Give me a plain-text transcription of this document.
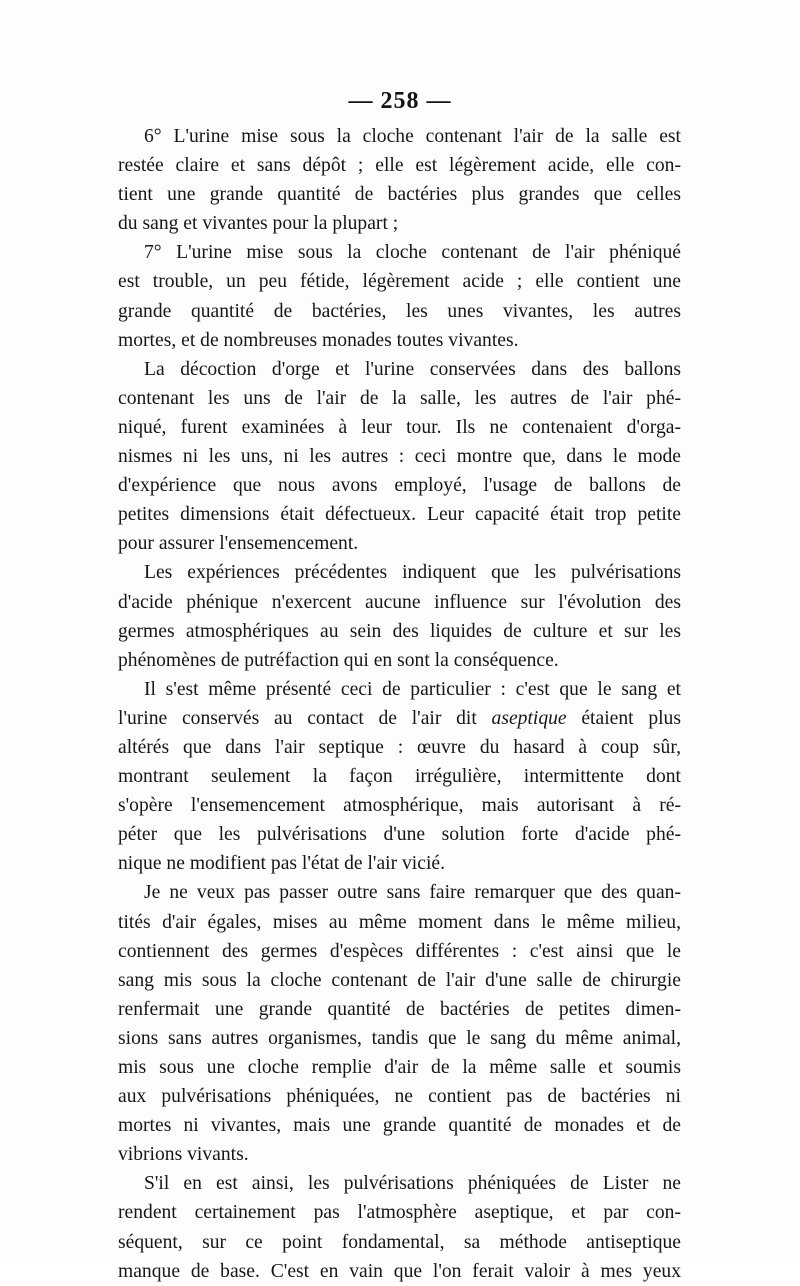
— 258 —
6° L'urine mise sous la cloche contenant l'air de la salle est
restée claire et sans dépôt ; elle est légèrement acide, elle con-
tient une grande quantité de bactéries plus grandes que celles
du sang et vivantes pour la plupart ;
7° L'urine mise sous la cloche contenant de l'air phéniqué
est trouble, un peu fétide, légèrement acide ; elle contient une
grande quantité de bactéries, les unes vivantes, les autres
mortes, et de nombreuses monades toutes vivantes.
La décoction d'orge et l'urine conservées dans des ballons
contenant les uns de l'air de la salle, les autres de l'air phé-
niqué, furent examinées à leur tour. Ils ne contenaient d'orga-
nismes ni les uns, ni les autres : ceci montre que, dans le mode
d'expérience que nous avons employé, l'usage de ballons de
petites dimensions était défectueux. Leur capacité était trop petite
pour assurer l'ensemencement.
Les expériences précédentes indiquent que les pulvérisations
d'acide phénique n'exercent aucune influence sur l'évolution des
germes atmosphériques au sein des liquides de culture et sur les
phénomènes de putréfaction qui en sont la conséquence.
Il s'est même présenté ceci de particulier : c'est que le sang et
l'urine conservés au contact de l'air dit aseptique étaient plus
altérés que dans l'air septique : œuvre du hasard à coup sûr,
montrant seulement la façon irrégulière, intermittente dont
s'opère l'ensemencement atmosphérique, mais autorisant à ré-
péter que les pulvérisations d'une solution forte d'acide phé-
nique ne modifient pas l'état de l'air vicié.
Je ne veux pas passer outre sans faire remarquer que des quan-
tités d'air égales, mises au même moment dans le même milieu,
contiennent des germes d'espèces différentes : c'est ainsi que le
sang mis sous la cloche contenant de l'air d'une salle de chirurgie
renfermait une grande quantité de bactéries de petites dimen-
sions sans autres organismes, tandis que le sang du même animal,
mis sous une cloche remplie d'air de la même salle et soumis
aux pulvérisations phéniquées, ne contient pas de bactéries ni
mortes ni vivantes, mais une grande quantité de monades et de
vibrions vivants.
S'il en est ainsi, les pulvérisations phéniquées de Lister ne
rendent certainement pas l'atmosphère aseptique, et par con-
séquent, sur ce point fondamental, sa méthode antiseptique
manque de base. C'est en vain que l'on ferait valoir à mes yeux
